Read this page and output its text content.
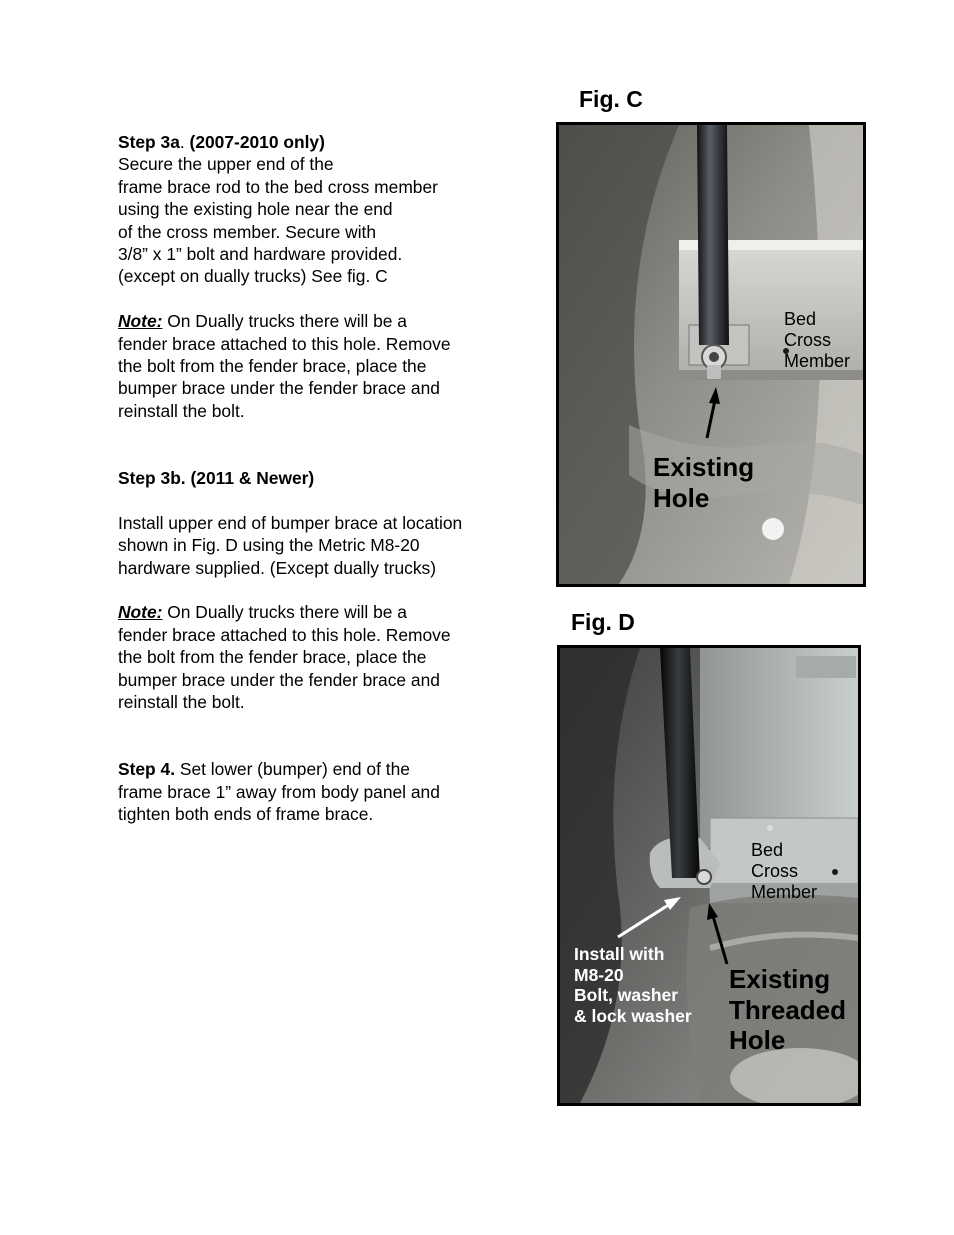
Step 3a. (2007-2010 only)

Secure the upper end of the

frame brace rod to the bed cross member

using the existing hole near the end

of the cross member. Secure with

3/8” x 1” bolt and hardware provided.

(except on dually trucks) See fig. C

Note: On Dually trucks there will be a

fender brace attached to this hole. Remove

the bolt from the fender brace, place the

bumper brace under the fender brace and

reinstall the bolt.

Step 3b. (2011 & Newer)

Install upper end of bumper brace at location

shown in Fig. D using the Metric M8-20

hardware supplied. (Except dually trucks)

Note: On Dually trucks there will be a

fender brace attached to this hole. Remove

the bolt from the fender brace, place the

bumper brace under the fender brace and

reinstall the bolt.

Step 4. Set lower (bumper) end of the

frame brace 1” away from body panel and

tighten both ends of frame brace.

Fig. C
Bed
Cross
Member
Existing
Hole
Fig. D
Bed
Cross
Member
Install with
M8-20
Bolt, washer
& lock washer
Existing
Threaded
Hole
